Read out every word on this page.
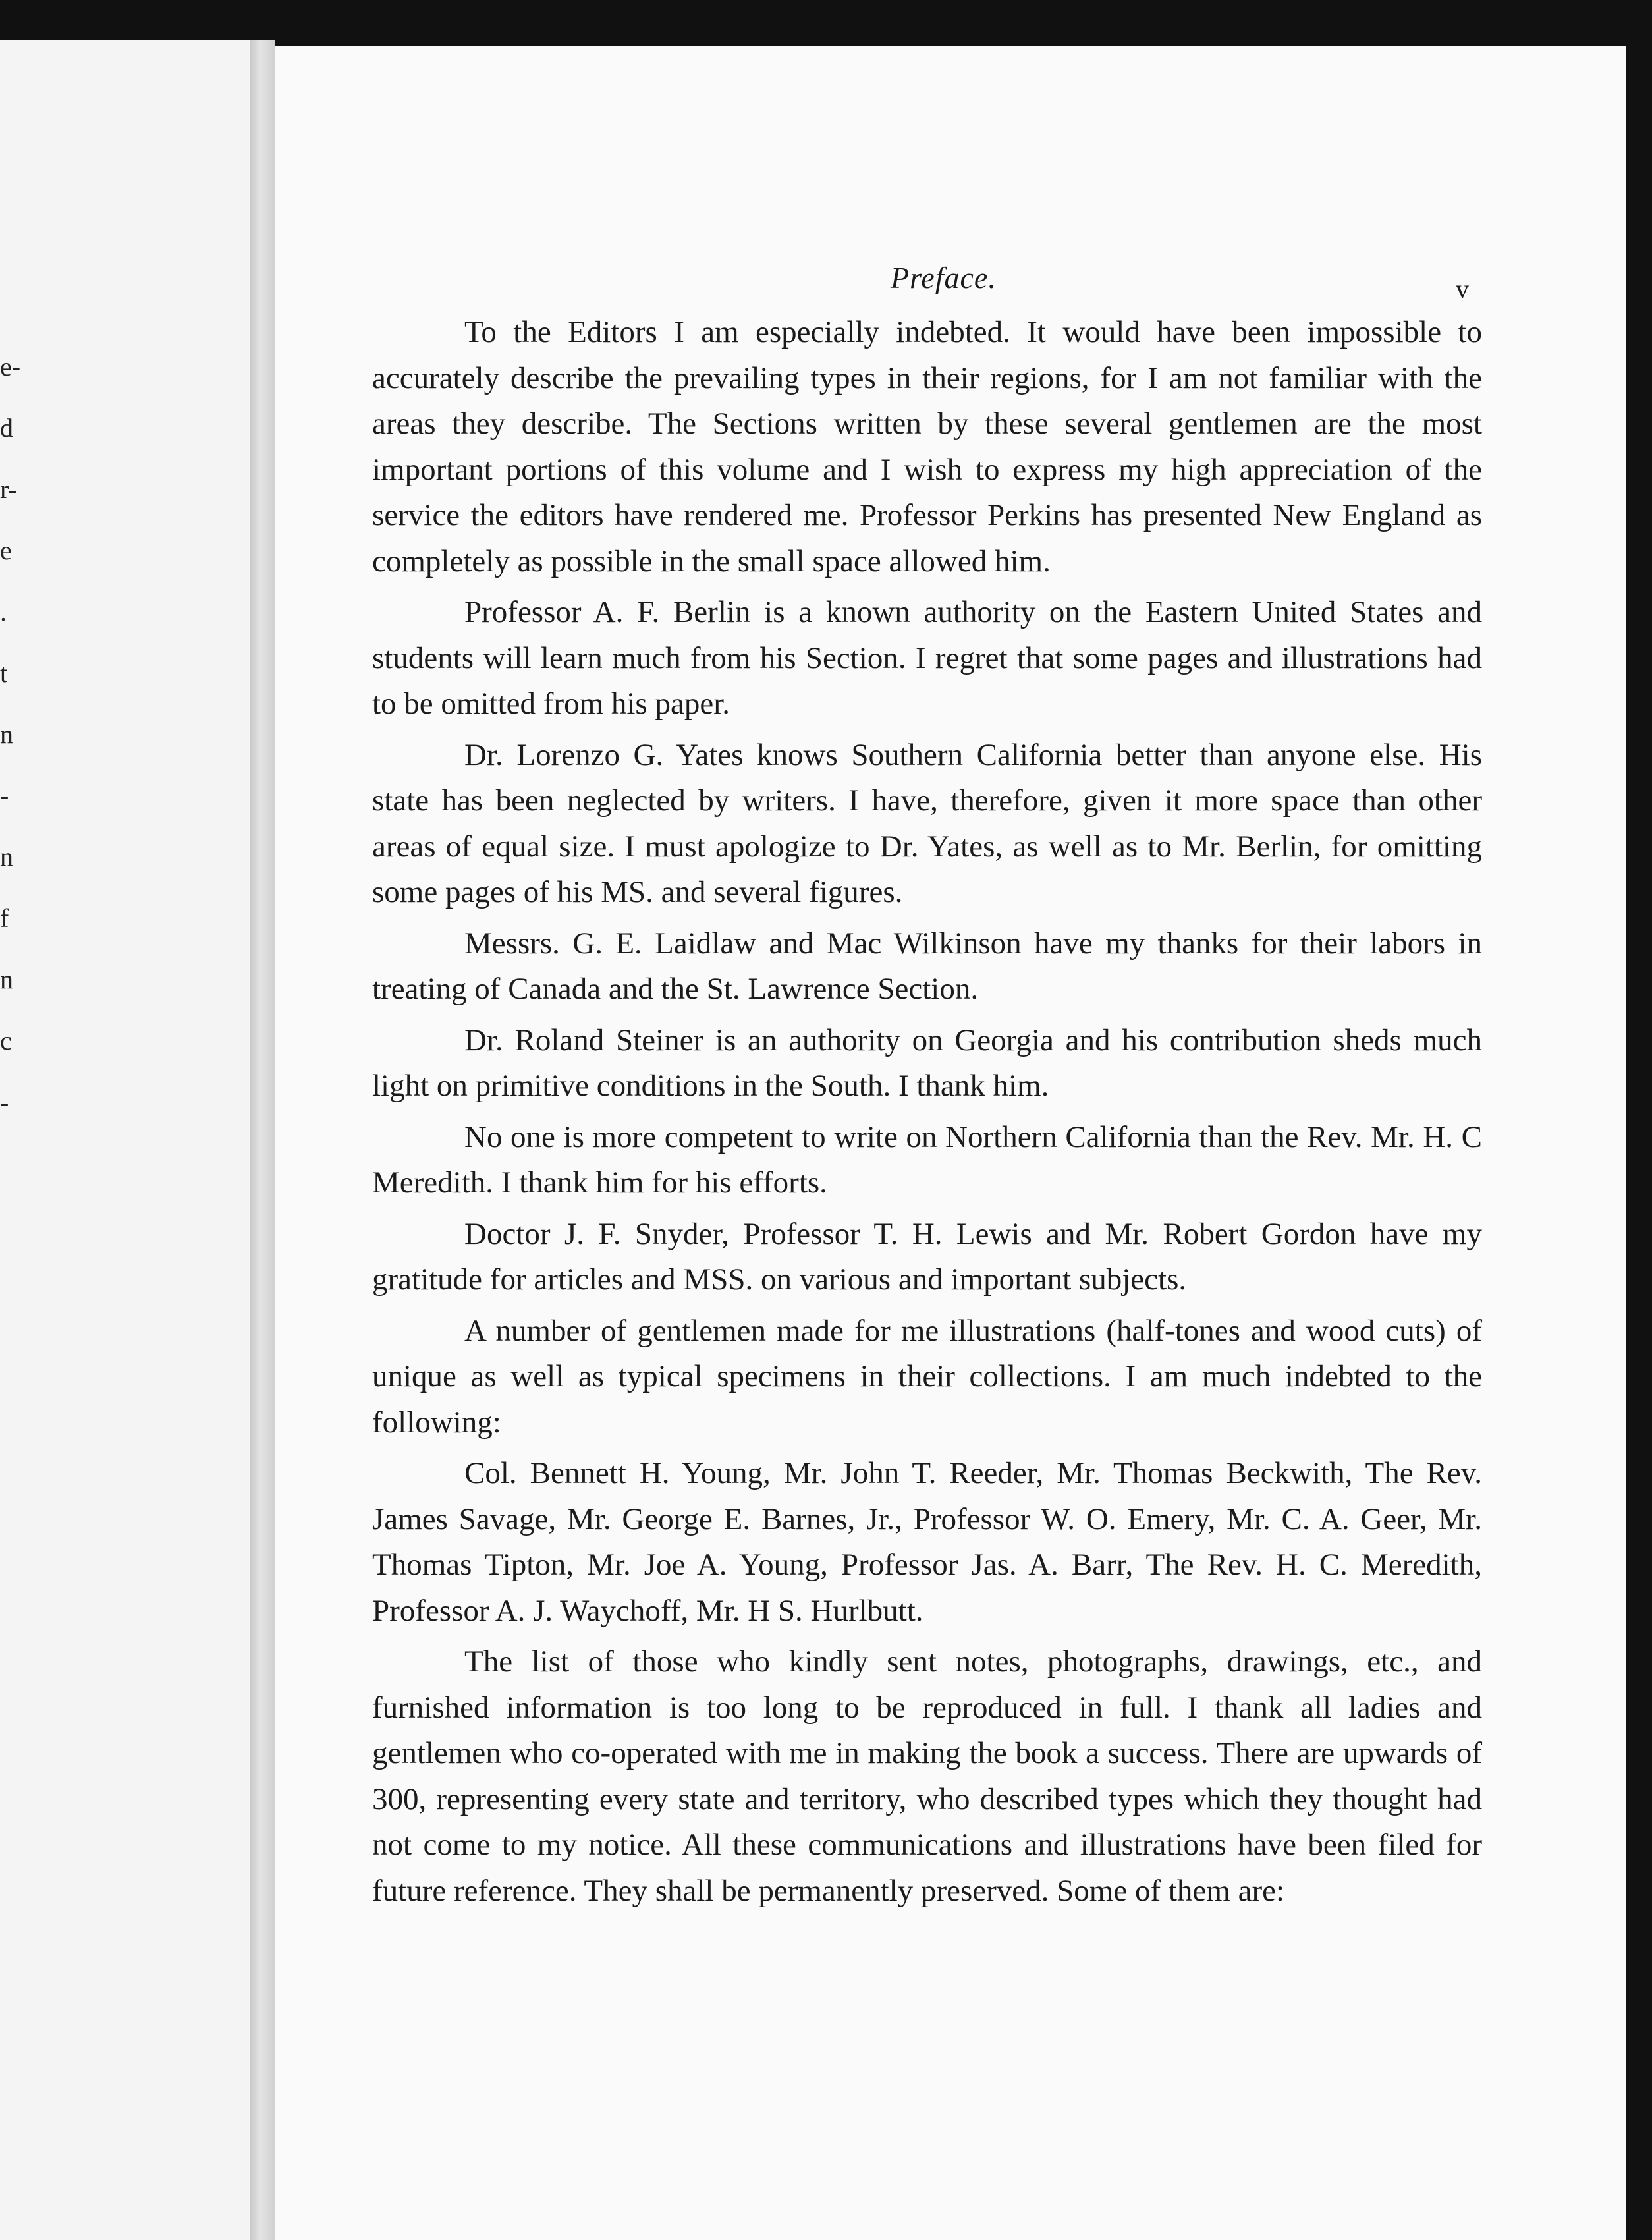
e-
d
r-
e
.
t
n
-
n
f
n
c
-
Preface.	v

To the Editors I am especially indebted. It would have been impossible to accurately describe the prevailing types in their regions, for I am not familiar with the areas they describe. The Sections written by these several gentlemen are the most important portions of this volume and I wish to express my high appreciation of the service the editors have rendered me. Professor Perkins has presented New England as completely as possible in the small space allowed him.

Professor A. F. Berlin is a known authority on the Eastern United States and students will learn much from his Section. I regret that some pages and illustrations had to be omitted from his paper.

Dr. Lorenzo G. Yates knows Southern California better than anyone else. His state has been neglected by writers. I have, therefore, given it more space than other areas of equal size. I must apologize to Dr. Yates, as well as to Mr. Berlin, for omitting some pages of his MS. and several figures.

Messrs. G. E. Laidlaw and Mac Wilkinson have my thanks for their labors in treating of Canada and the St. Lawrence Section.

Dr. Roland Steiner is an authority on Georgia and his contribution sheds much light on primitive conditions in the South. I thank him.

No one is more competent to write on Northern California than the Rev. Mr. H. C Meredith. I thank him for his efforts.

Doctor J. F. Snyder, Professor T. H. Lewis and Mr. Robert Gordon have my gratitude for articles and MSS. on various and important subjects.

A number of gentlemen made for me illustrations (half-tones and wood cuts) of unique as well as typical specimens in their collections. I am much indebted to the following:

Col. Bennett H. Young, Mr. John T. Reeder, Mr. Thomas Beckwith, The Rev. James Savage, Mr. George E. Barnes, Jr., Professor W. O. Emery, Mr. C. A. Geer, Mr. Thomas Tipton, Mr. Joe A. Young, Professor Jas. A. Barr, The Rev. H. C. Meredith, Professor A. J. Waychoff, Mr. H S. Hurlbutt.

The list of those who kindly sent notes, photographs, drawings, etc., and furnished information is too long to be reproduced in full. I thank all ladies and gentlemen who co-operated with me in making the book a success. There are upwards of 300, representing every state and territory, who described types which they thought had not come to my notice. All these communications and illustrations have been filed for future reference. They shall be permanently preserved. Some of them are:
